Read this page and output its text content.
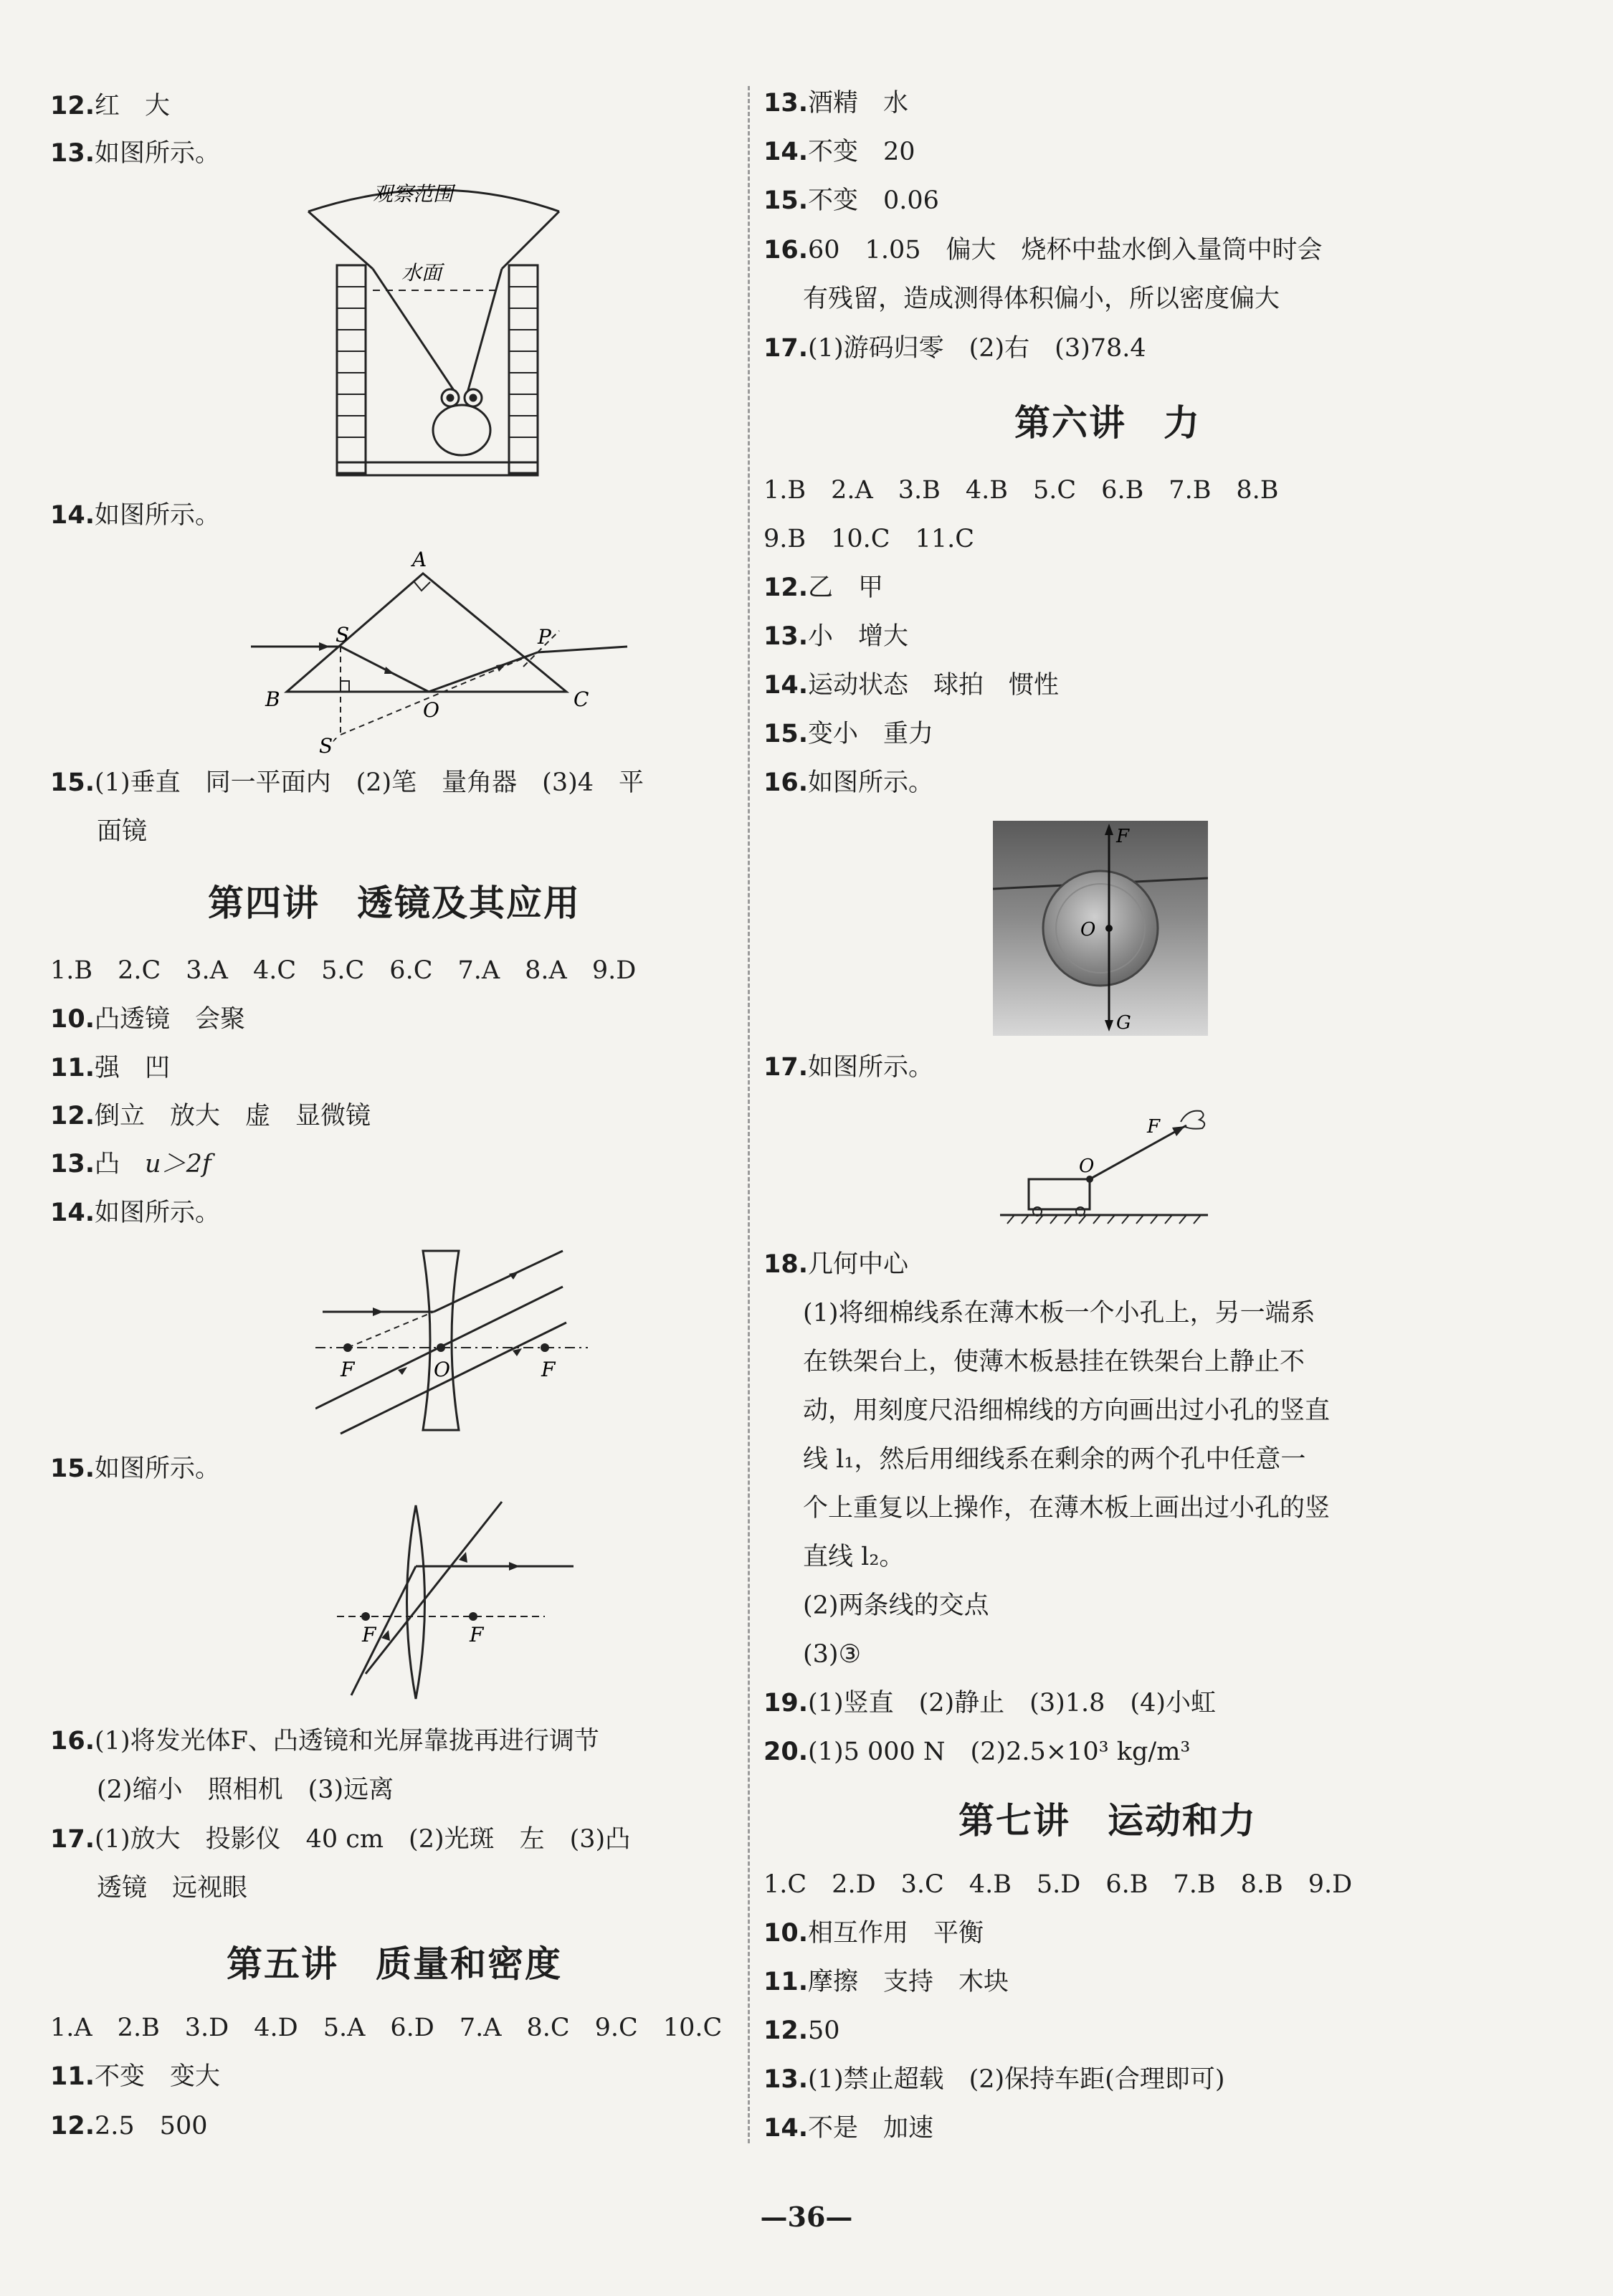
12.红　大
13.如图所示。
观察范围
水面
14.如图所示。
A
B	C
S	P
O
S′
15.(1)垂直　同一平面内　(2)笔　量角器　(3)4　平
面镜
第四讲　透镜及其应用
1.B　2.C　3.A　4.C　5.C　6.C　7.A　8.A　9.D
10.凸透镜　会聚
11.强　凹
12.倒立　放大　虚　显微镜
13.凸　u＞2f
14.如图所示。
F	O	F
15.如图所示。
F	F
16.(1)将发光体F、凸透镜和光屏靠拢再进行调节
(2)缩小　照相机　(3)远离
17.(1)放大　投影仪　40 cm　(2)光斑　左　(3)凸
透镜　远视眼
第五讲　质量和密度
1.A　2.B　3.D　4.D　5.A　6.D　7.A　8.C　9.C　10.C
11.不变　变大
12.2.5　500
13.酒精　水
14.不变　20
15.不变　0.06
16.60　1.05　偏大　烧杯中盐水倒入量筒中时会
有残留，造成测得体积偏小，所以密度偏大
17.(1)游码归零　(2)右　(3)78.4
第六讲　力
1.B　2.A　3.B　4.B　5.C　6.B　7.B　8.B
9.B　10.C　11.C
12.乙　甲
13.小　增大
14.运动状态　球拍　惯性
15.变小　重力
16.如图所示。
F
O
G
17.如图所示。
O
F
18.几何中心
(1)将细棉线系在薄木板一个小孔上，另一端系
在铁架台上，使薄木板悬挂在铁架台上静止不
动，用刻度尺沿细棉线的方向画出过小孔的竖直
线 l₁，然后用细线系在剩余的两个孔中任意一
个上重复以上操作，在薄木板上画出过小孔的竖
直线 l₂。
(2)两条线的交点
(3)③
19.(1)竖直　(2)静止　(3)1.8　(4)小虹
20.(1)5 000 N　(2)2.5×10³ kg/m³
第七讲　运动和力
1.C　2.D　3.C　4.B　5.D　6.B　7.B　8.B　9.D
10.相互作用　平衡
11.摩擦　支持　木块
12.50
13.(1)禁止超载　(2)保持车距(合理即可)
14.不是　加速
—36—
